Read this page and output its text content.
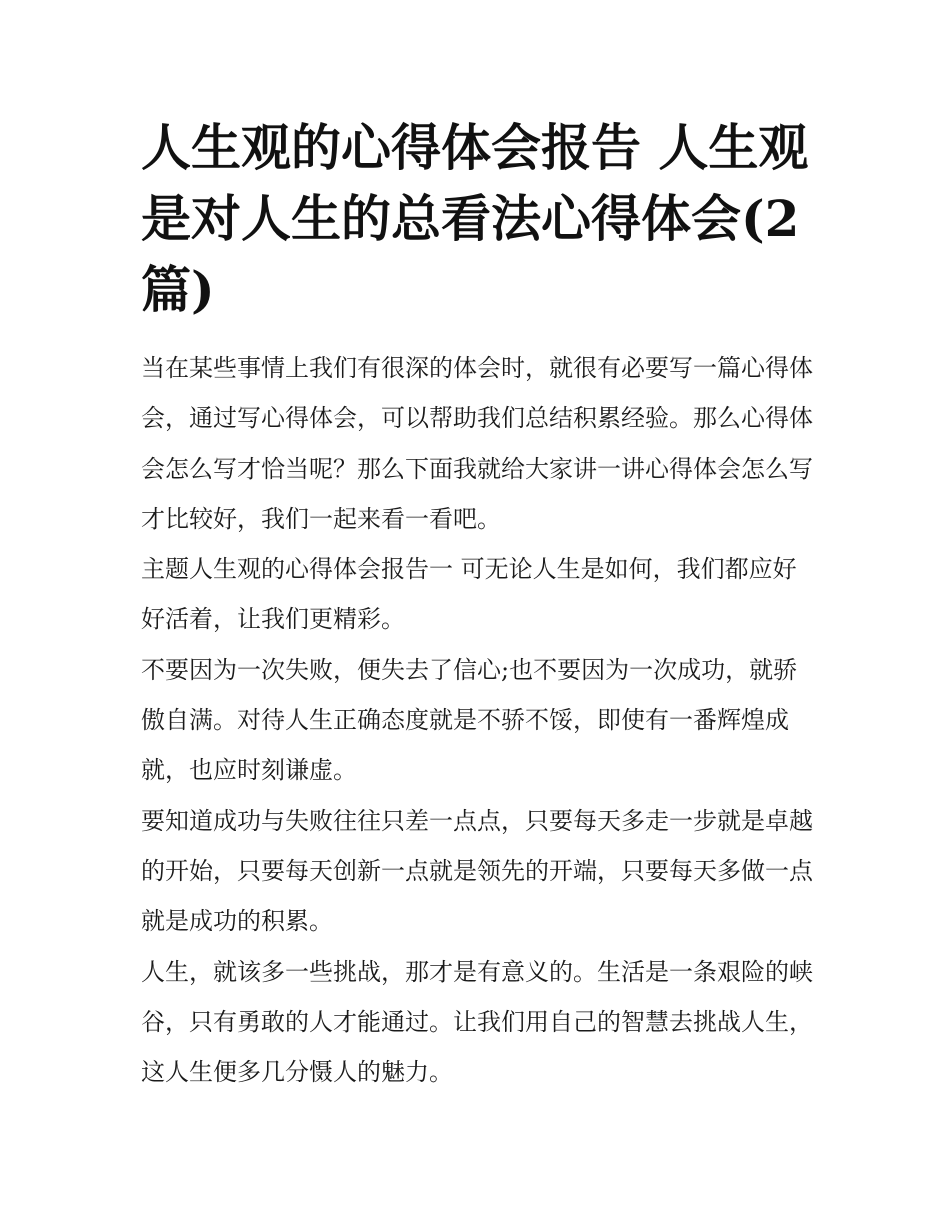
人生观的心得体会报告 人生观是对人生的总看法心得体会(2篇)

当在某些事情上我们有很深的体会时，就很有必要写一篇心得体会，通过写心得体会，可以帮助我们总结积累经验。那么心得体会怎么写才恰当呢？那么下面我就给大家讲一讲心得体会怎么写才比较好，我们一起来看一看吧。

主题人生观的心得体会报告一 可无论人生是如何，我们都应好好活着，让我们更精彩。

不要因为一次失败，便失去了信心;也不要因为一次成功，就骄傲自满。对待人生正确态度就是不骄不馁，即使有一番辉煌成就，也应时刻谦虚。

要知道成功与失败往往只差一点点，只要每天多走一步就是卓越的开始，只要每天创新一点就是领先的开端，只要每天多做一点就是成功的积累。

人生，就该多一些挑战，那才是有意义的。生活是一条艰险的峡谷，只有勇敢的人才能通过。让我们用自己的智慧去挑战人生，这人生便多几分慑人的魅力。
